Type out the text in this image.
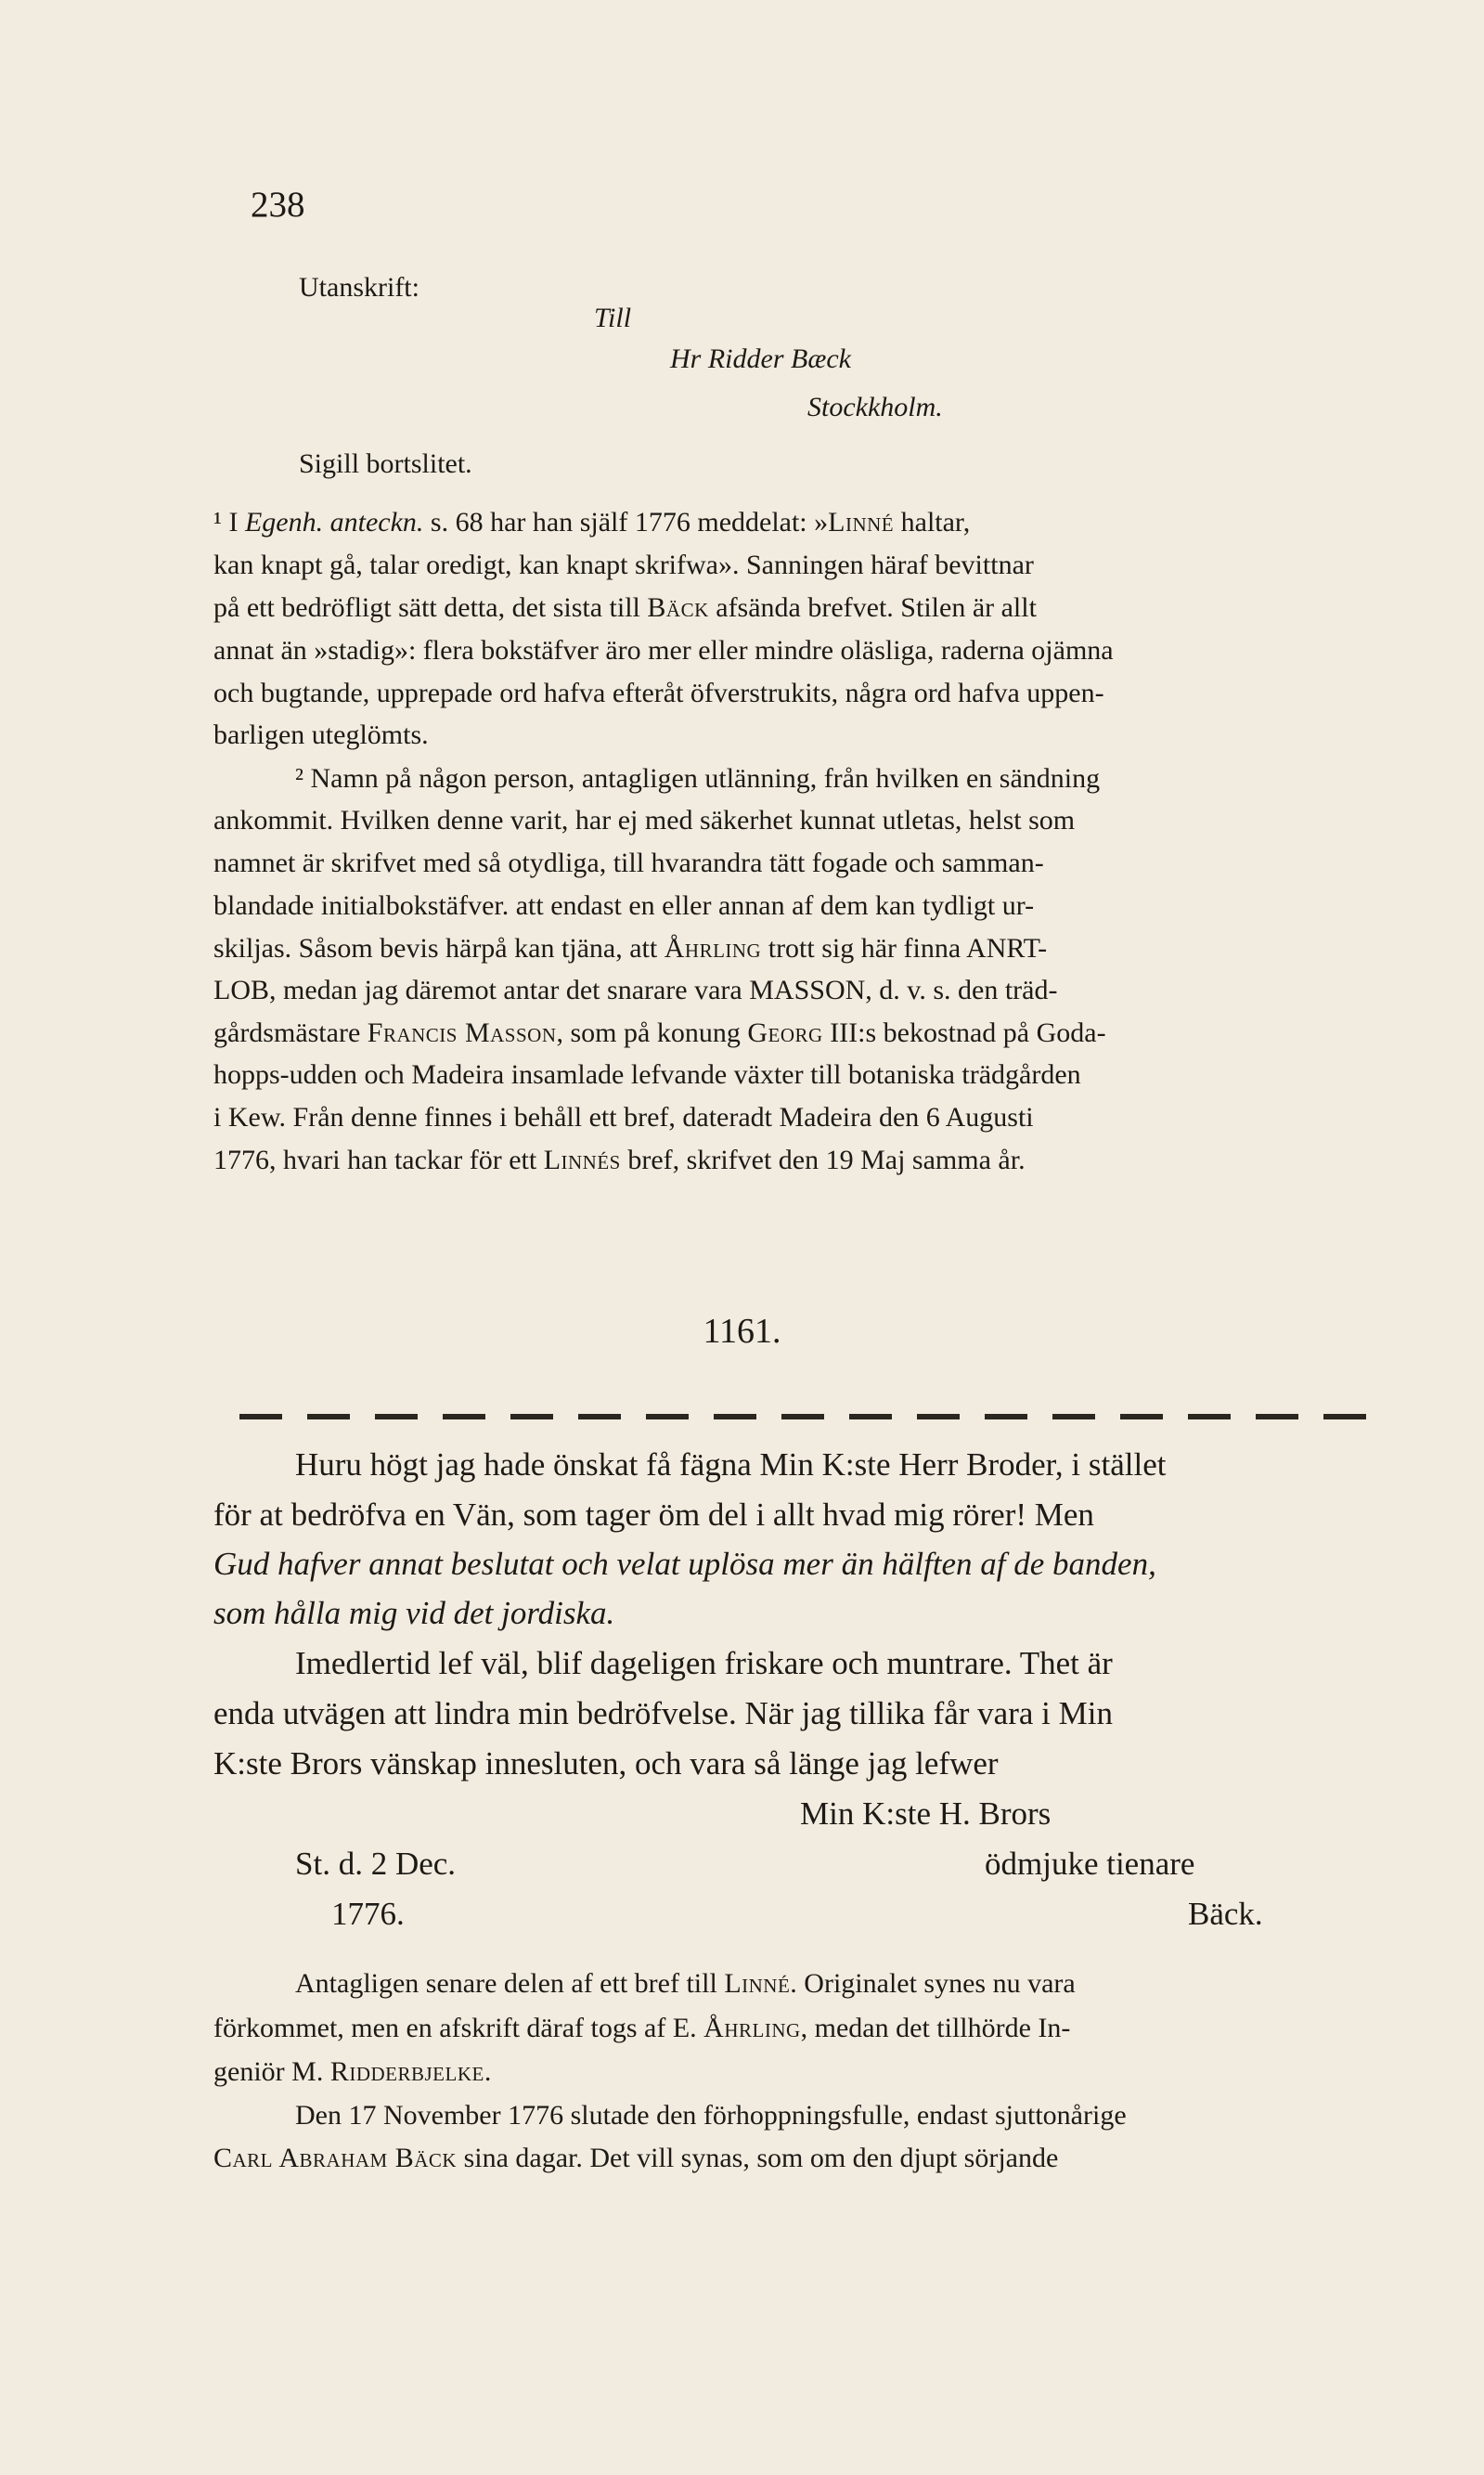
238
Utanskrift:
Till
Hr Ridder Bæck
Stockkholm.
Sigill bortslitet.
¹ I Egenh. anteckn. s. 68 har han själf 1776 meddelat: »Linné haltar,
kan knapt gå, talar oredigt, kan knapt skrifwa». Sanningen häraf bevittnar
på ett bedröfligt sätt detta, det sista till Bäck afsända brefvet. Stilen är allt
annat än »stadig»: flera bokstäfver äro mer eller mindre oläsliga, raderna ojämna
och bugtande, upprepade ord hafva efteråt öfverstrukits, några ord hafva uppen-
barligen uteglömts.
² Namn på någon person, antagligen utlänning, från hvilken en sändning
ankommit. Hvilken denne varit, har ej med säkerhet kunnat utletas, helst som
namnet är skrifvet med så otydliga, till hvarandra tätt fogade och samman-
blandade initialbokstäfver. att endast en eller annan af dem kan tydligt ur-
skiljas. Såsom bevis härpå kan tjäna, att Åhrling trott sig här finna ANRT-
LOB, medan jag däremot antar det snarare vara MASSON, d. v. s. den träd-
gårdsmästare Francis Masson, som på konung Georg III:s bekostnad på Goda-
hopps-udden och Madeira insamlade lefvande växter till botaniska trädgården
i Kew. Från denne finnes i behåll ett bref, dateradt Madeira den 6 Augusti
1776, hvari han tackar för ett Linnés bref, skrifvet den 19 Maj samma år.
1161.
Huru högt jag hade önskat få fägna Min K:ste Herr Broder, i stället
för at bedröfva en Vän, som tager öm del i allt hvad mig rörer! Men
Gud hafver annat beslutat och velat uplösa mer än hälften af de banden,
som hålla mig vid det jordiska.
Imedlertid lef väl, blif dageligen friskare och muntrare. Thet är
enda utvägen att lindra min bedröfvelse. När jag tillika får vara i Min
K:ste Brors vänskap innesluten, och vara så länge jag lefwer
Min K:ste H. Brors
St. d. 2 Dec.	ödmjuke tienare
1776.	Bäck.
Antagligen senare delen af ett bref till Linné. Originalet synes nu vara
förkommet, men en afskrift däraf togs af E. Åhrling, medan det tillhörde In-
geniör M. Ridderbjelke.
Den 17 November 1776 slutade den förhoppningsfulle, endast sjuttonårige
Carl Abraham Bäck sina dagar. Det vill synas, som om den djupt sörjande
